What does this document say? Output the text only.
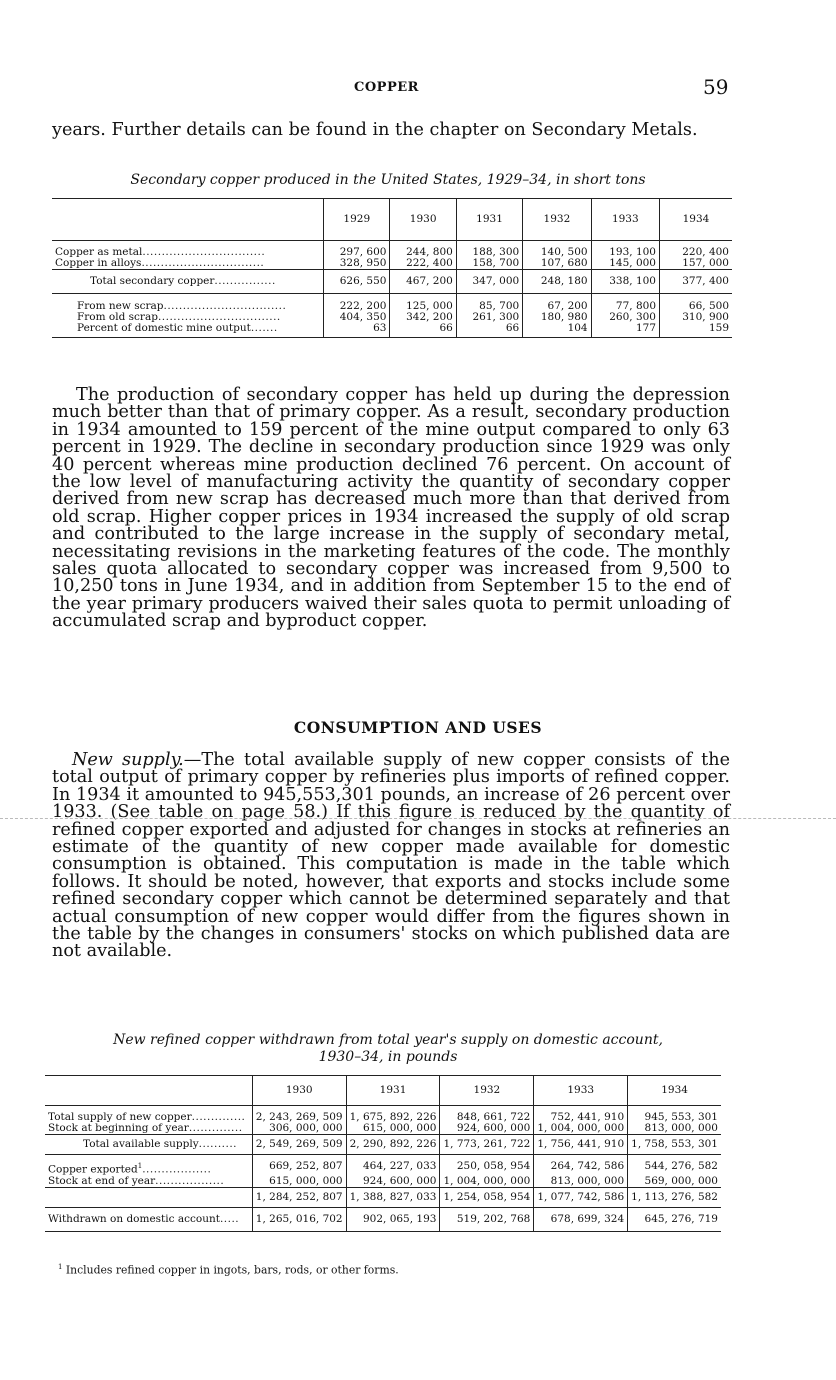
COPPER	59

years. Further details can be found in the chapter on Secondary Metals.

Secondary copper produced in the United States, 1929–34, in short tons
	1929	1930	1931	1932	1933	1934

Copper as metal................................	297, 600	244, 800	188, 300	140, 500	193, 100	220, 400
Copper in alloys................................	328, 950	222, 400	158, 700	107, 680	145, 000	157, 000
Total secondary copper................	626, 550	467, 200	347, 000	248, 180	338, 100	377, 400
From new scrap................................	222, 200	125, 000	85, 700	67, 200	77, 800	66, 500
From old scrap................................	404, 350	342, 200	261, 300	180, 980	260, 300	310, 900
Percent of domestic mine output.......	63	66	66	104	177	159

The production of secondary copper has held up during the depression much better than that of primary copper. As a result, secondary production in 1934 amounted to 159 percent of the mine output compared to only 63 percent in 1929. The decline in secondary production since 1929 was only 40 percent whereas mine production declined 76 percent. On account of the low level of manufacturing activity the quantity of secondary copper derived from new scrap has decreased much more than that derived from old scrap. Higher copper prices in 1934 increased the supply of old scrap and contributed to the large increase in the supply of secondary metal, necessitating revisions in the marketing features of the code. The monthly sales quota allocated to secondary copper was increased from 9,500 to 10,250 tons in June 1934, and in addition from September 15 to the end of the year primary producers waived their sales quota to permit unloading of accumulated scrap and byproduct copper.

CONSUMPTION AND USES

New supply.—The total available supply of new copper consists of the total output of primary copper by refineries plus imports of refined copper. In 1934 it amounted to 945,553,301 pounds, an increase of 26 percent over 1933. (See table on page 58.) If this figure is reduced by the quantity of refined copper exported and adjusted for changes in stocks at refineries an estimate of the quantity of new copper made available for domestic consumption is obtained. This computation is made in the table which follows. It should be noted, however, that exports and stocks include some refined secondary copper which cannot be determined separately and that actual consumption of new copper would differ from the figures shown in the table by the changes in consumers' stocks on which published data are not available.

New refined copper withdrawn from total year's supply on domestic account,
1930–34, in pounds
	1930	1931	1932	1933	1934

Total supply of new copper..............	2, 243, 269, 509	1, 675, 892, 226	848, 661, 722	752, 441, 910	945, 553, 301
Stock at beginning of year..............	306, 000, 000	615, 000, 000	924, 600, 000	1, 004, 000, 000	813, 000, 000
Total available supply..........	2, 549, 269, 509	2, 290, 892, 226	1, 773, 261, 722	1, 756, 441, 910	1, 758, 553, 301
Copper exported$^1$..................	669, 252, 807	464, 227, 033	250, 058, 954	264, 742, 586	544, 276, 582
Stock at end of year..................	615, 000, 000	924, 600, 000	1, 004, 000, 000	813, 000, 000	569, 000, 000
	1, 284, 252, 807	1, 388, 827, 033	1, 254, 058, 954	1, 077, 742, 586	1, 113, 276, 582
Withdrawn on domestic account.....	1, 265, 016, 702	902, 065, 193	519, 202, 768	678, 699, 324	645, 276, 719
$^1$ Includes refined copper in ingots, bars, rods, or other forms.
